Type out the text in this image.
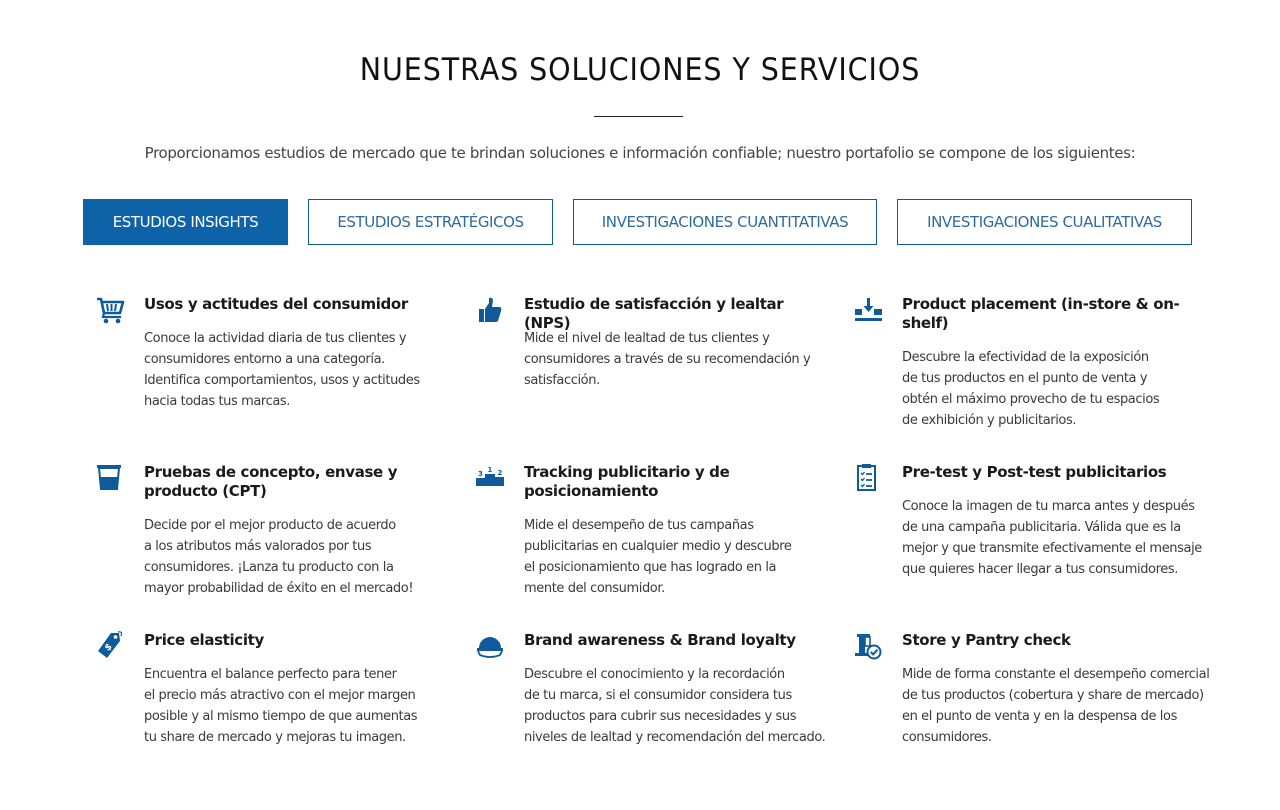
NUESTRAS SOLUCIONES Y SERVICIOS

Proporcionamos estudios de mercado que te brindan soluciones e información confiable; nuestro portafolio se compone de los siguientes:

ESTUDIOS INSIGHTS	ESTUDIOS ESTRATÉGICOS	INVESTIGACIONES CUANTITATIVAS	INVESTIGACIONES CUALITATIVAS
Usos y actitudes del consumidor

Conoce la actividad diaria de tus clientes y
consumidores entorno a una categoría.
Identifica comportamientos, usos y actitudes
hacia todas tus marcas.

Estudio de satisfacción y lealtar (NPS)

Mide el nivel de lealtad de tus clientes y
consumidores a través de su recomendación y
satisfacción.

Product placement (in-store & on-shelf)

Descubre la efectividad de la exposición
de tus productos en el punto de venta y
obtén el máximo provecho de tu espacios
de exhibición y publicitarios.

Pruebas de concepto, envase y producto (CPT)

Decide por el mejor producto de acuerdo
a los atributos más valorados por tus
consumidores. ¡Lanza tu producto con la
mayor probabilidad de éxito en el mercado!

3 1 2 Tracking publicitario y de posicionamiento

Mide el desempeño de tus campañas
publicitarias en cualquier medio y descubre
el posicionamiento que has logrado en la
mente del consumidor.

Pre-test y Post-test publicitarios

Conoce la imagen de tu marca antes y después
de una campaña publicitaria. Válida que es la
mejor y que transmite efectivamente el mensaje
que quieres hacer llegar a tus consumidores.

$ Price elasticity

Encuentra el balance perfecto para tener
el precio más atractivo con el mejor margen
posible y al mismo tiempo de que aumentas
tu share de mercado y mejoras tu imagen.

Brand awareness & Brand loyalty

Descubre el conocimiento y la recordación
de tu marca, si el consumidor considera tus
productos para cubrir sus necesidades y sus
niveles de lealtad y recomendación del mercado.

Store y Pantry check

Mide de forma constante el desempeño comercial
de tus productos (cobertura y share de mercado)
en el punto de venta y en la despensa de los
consumidores.
